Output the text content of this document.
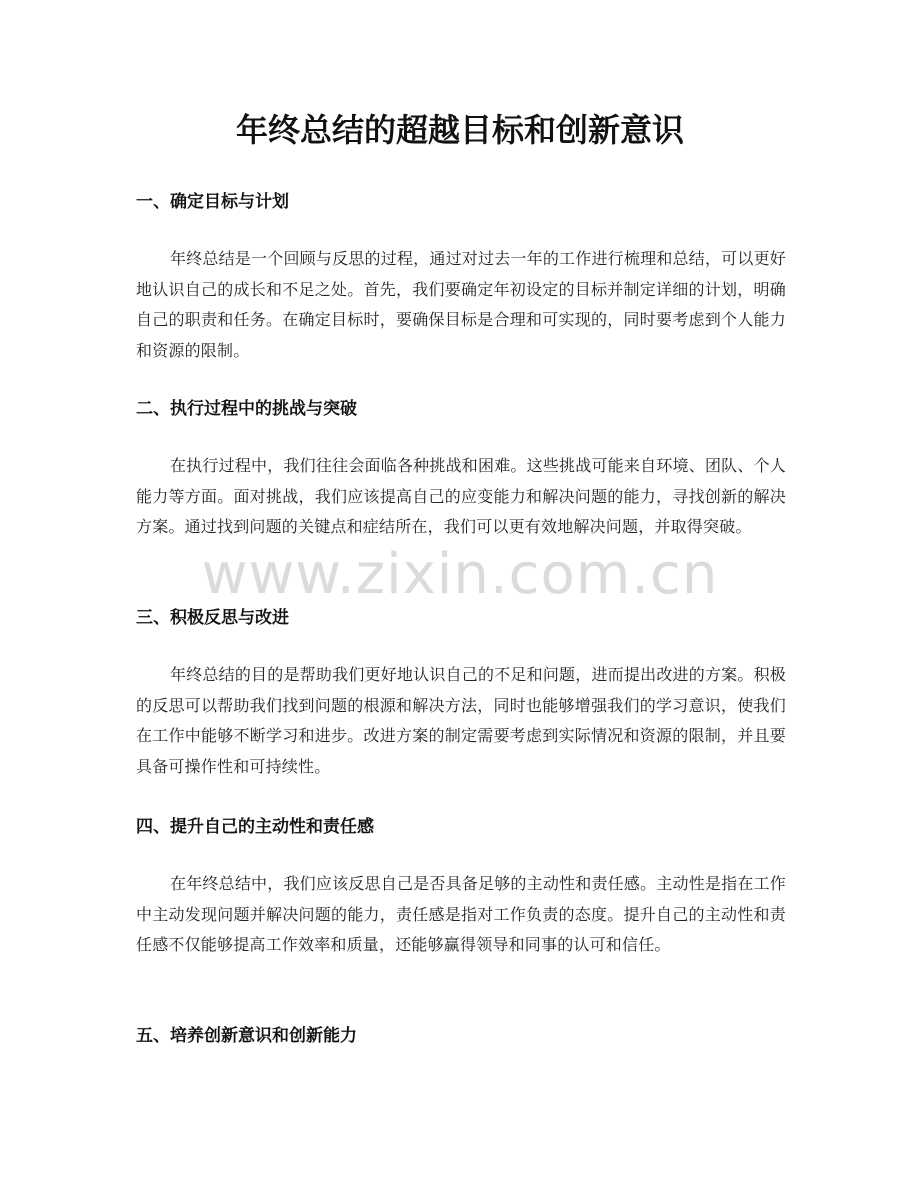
年终总结的超越目标和创新意识
一、确定目标与计划

年终总结是一个回顾与反思的过程，通过对过去一年的工作进行梳理和总结，可以更好地认识自己的成长和不足之处。首先，我们要确定年初设定的目标并制定详细的计划，明确自己的职责和任务。在确定目标时，要确保目标是合理和可实现的，同时要考虑到个人能力和资源的限制。

二、执行过程中的挑战与突破

在执行过程中，我们往往会面临各种挑战和困难。这些挑战可能来自环境、团队、个人能力等方面。面对挑战，我们应该提高自己的应变能力和解决问题的能力，寻找创新的解决方案。通过找到问题的关键点和症结所在，我们可以更有效地解决问题，并取得突破。

三、积极反思与改进

年终总结的目的是帮助我们更好地认识自己的不足和问题，进而提出改进的方案。积极的反思可以帮助我们找到问题的根源和解决方法，同时也能够增强我们的学习意识，使我们在工作中能够不断学习和进步。改进方案的制定需要考虑到实际情况和资源的限制，并且要具备可操作性和可持续性。

四、提升自己的主动性和责任感

在年终总结中，我们应该反思自己是否具备足够的主动性和责任感。主动性是指在工作中主动发现问题并解决问题的能力，责任感是指对工作负责的态度。提升自己的主动性和责任感不仅能够提高工作效率和质量，还能够赢得领导和同事的认可和信任。

五、培养创新意识和创新能力
www.zixin.com.cn
